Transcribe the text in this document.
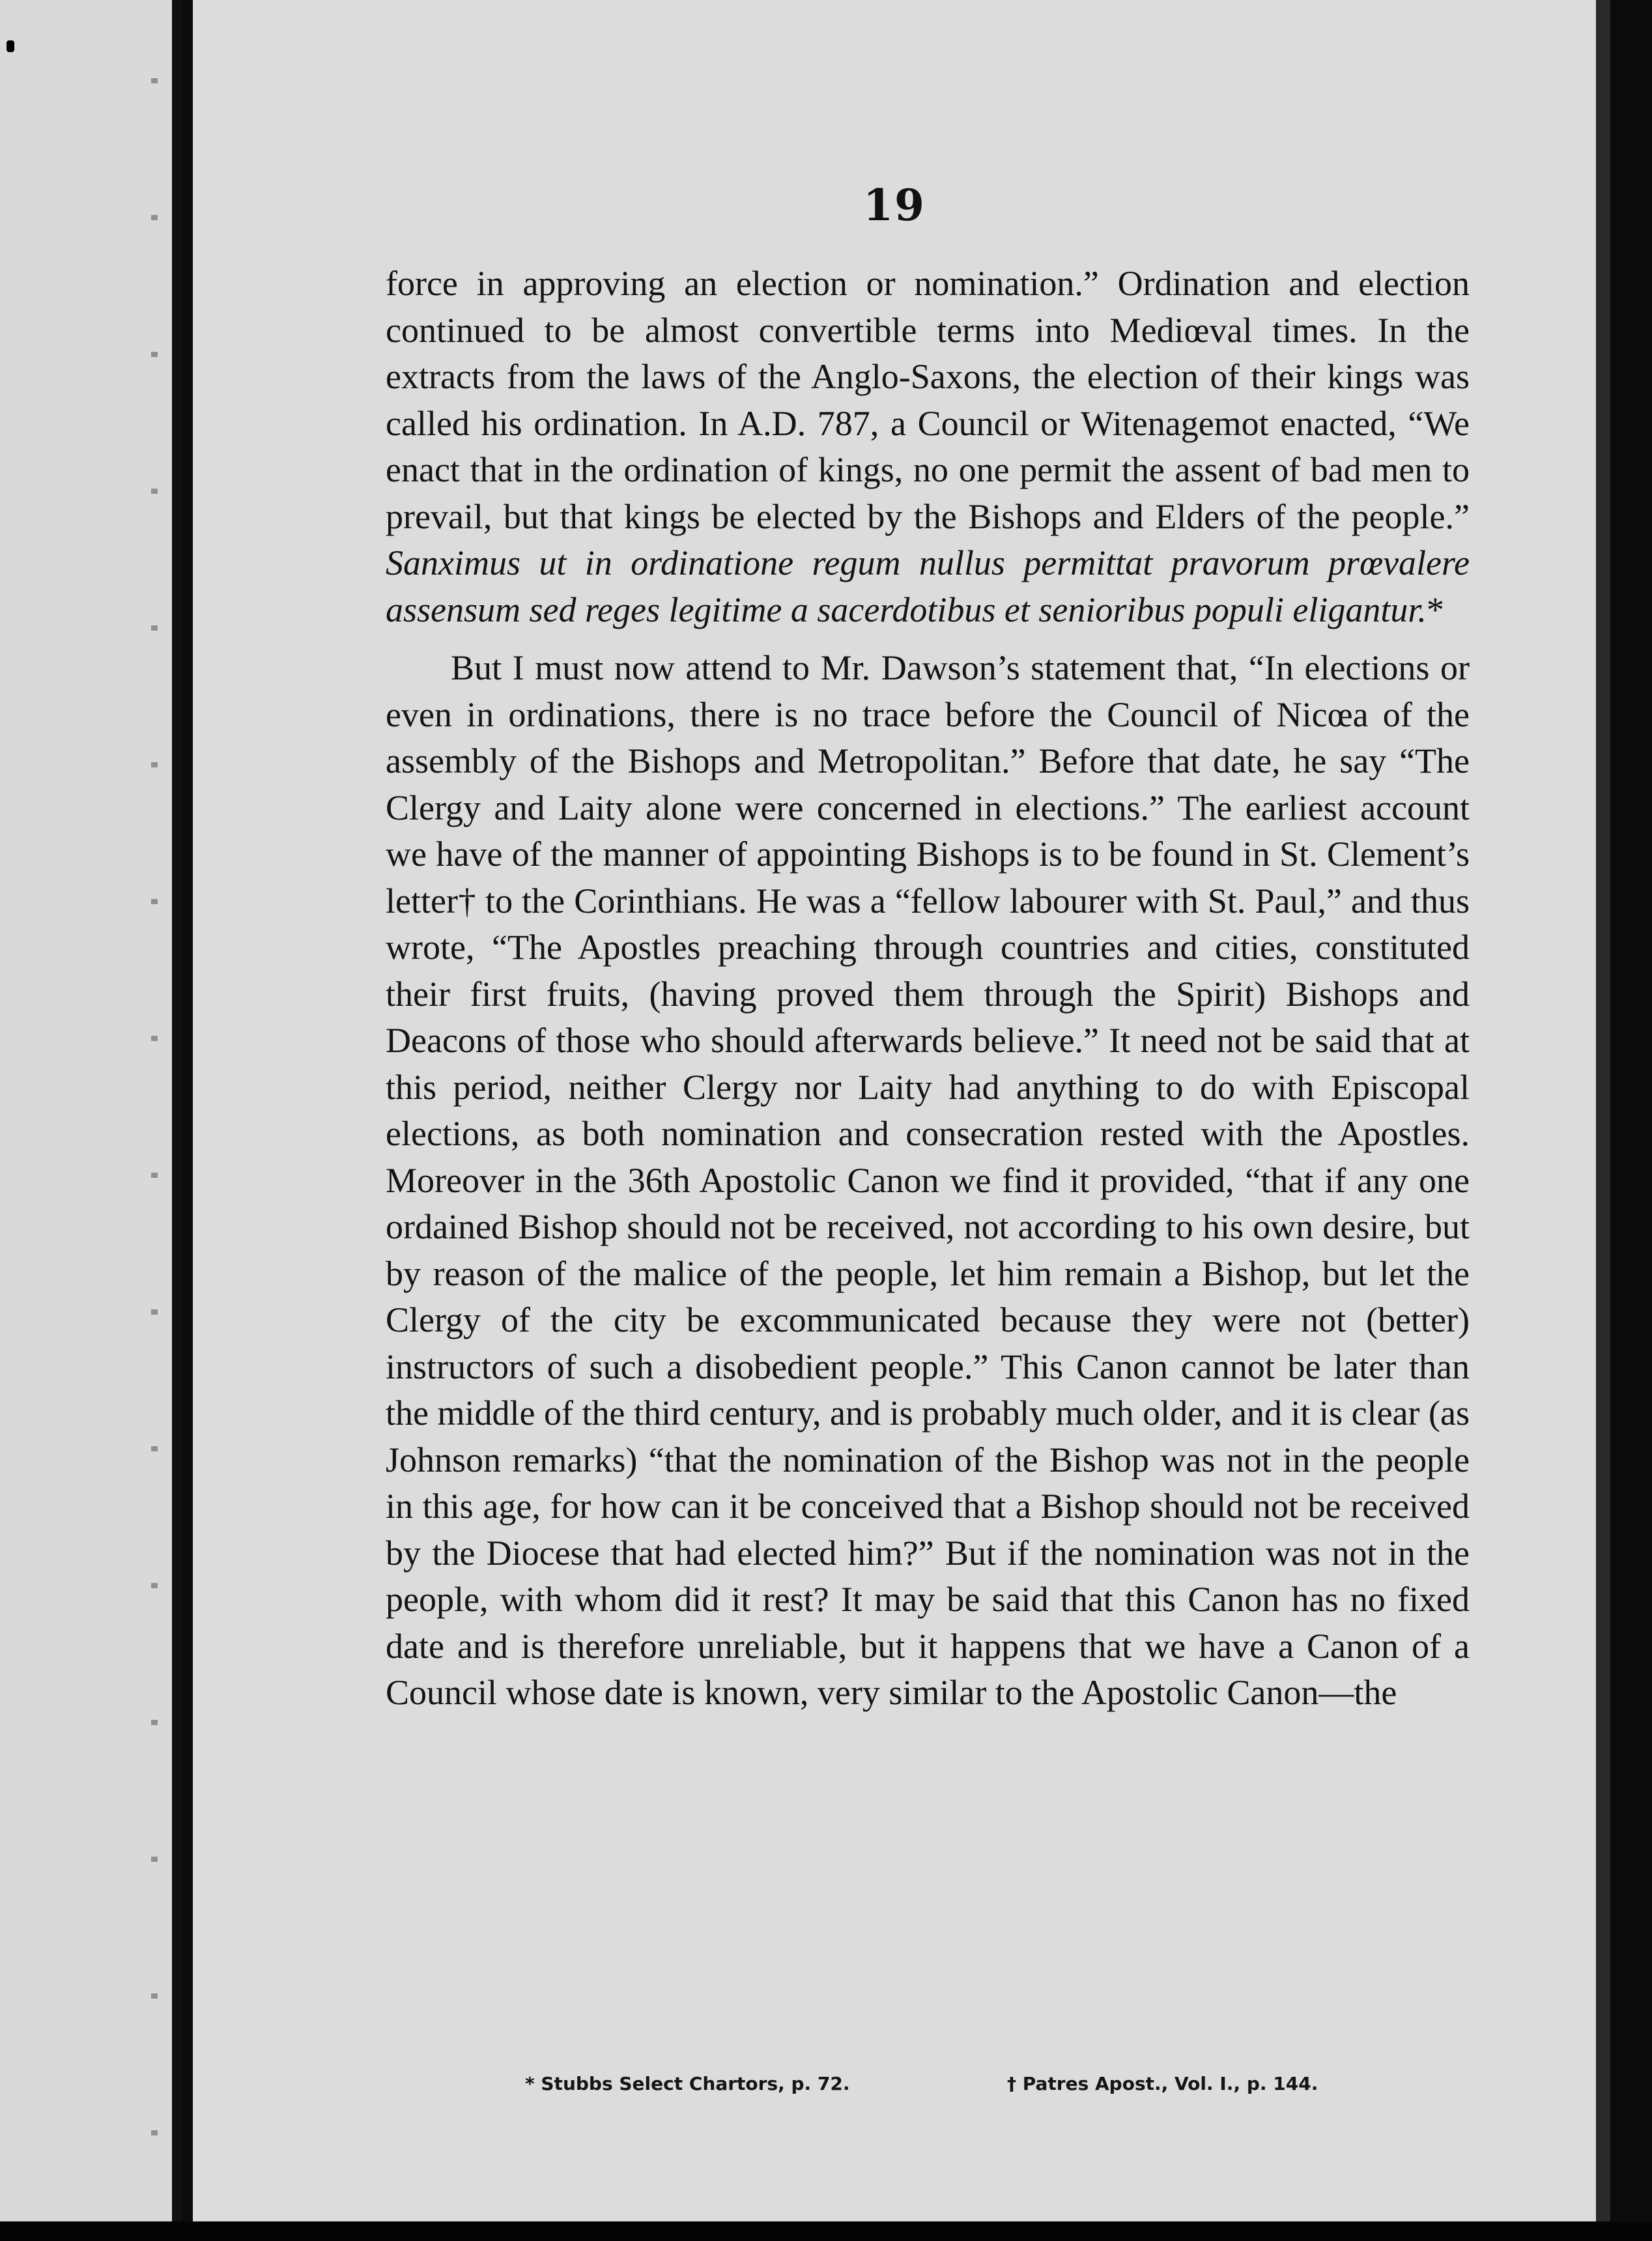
19

force in approving an election or nomination.” Ordination and election continued to be almost convertible terms into Mediœval times. In the extracts from the laws of the Anglo-Saxons, the election of their kings was called his ordination. In A.D. 787, a Council or Witenagemot enacted, “We enact that in the ordination of kings, no one permit the assent of bad men to prevail, but that kings be elected by the Bishops and Elders of the people.” Sanximus ut in ordinatione regum nullus permittat pravorum prœvalere assensum sed reges legitime a sacerdotibus et senioribus populi eligantur.*

But I must now attend to Mr. Dawson’s statement that, “In elections or even in ordinations, there is no trace before the Council of Nicœa of the assembly of the Bishops and Metropolitan.” Before that date, he say “The Clergy and Laity alone were concerned in elections.” The earliest account we have of the manner of appointing Bishops is to be found in St. Clement’s letter† to the Corinthians. He was a “fellow labourer with St. Paul,” and thus wrote, “The Apostles preaching through countries and cities, constituted their first fruits, (having proved them through the Spirit) Bishops and Deacons of those who should afterwards believe.” It need not be said that at this period, neither Clergy nor Laity had anything to do with Episcopal elections, as both nomination and consecration rested with the Apostles. Moreover in the 36th Apostolic Canon we find it provided, “that if any one ordained Bishop should not be received, not according to his own desire, but by reason of the malice of the people, let him remain a Bishop, but let the Clergy of the city be excommunicated because they were not (better) instructors of such a disobedient people.” This Canon cannot be later than the middle of the third century, and is probably much older, and it is clear (as Johnson remarks) “that the nomination of the Bishop was not in the people in this age, for how can it be conceived that a Bishop should not be received by the Diocese that had elected him?” But if the nomination was not in the people, with whom did it rest? It may be said that this Canon has no fixed date and is therefore unreliable, but it happens that we have a Canon of a Council whose date is known, very similar to the Apostolic Canon—the

* Stubbs Select Chartors, p. 72.	† Patres Apost., Vol. I., p. 144.
